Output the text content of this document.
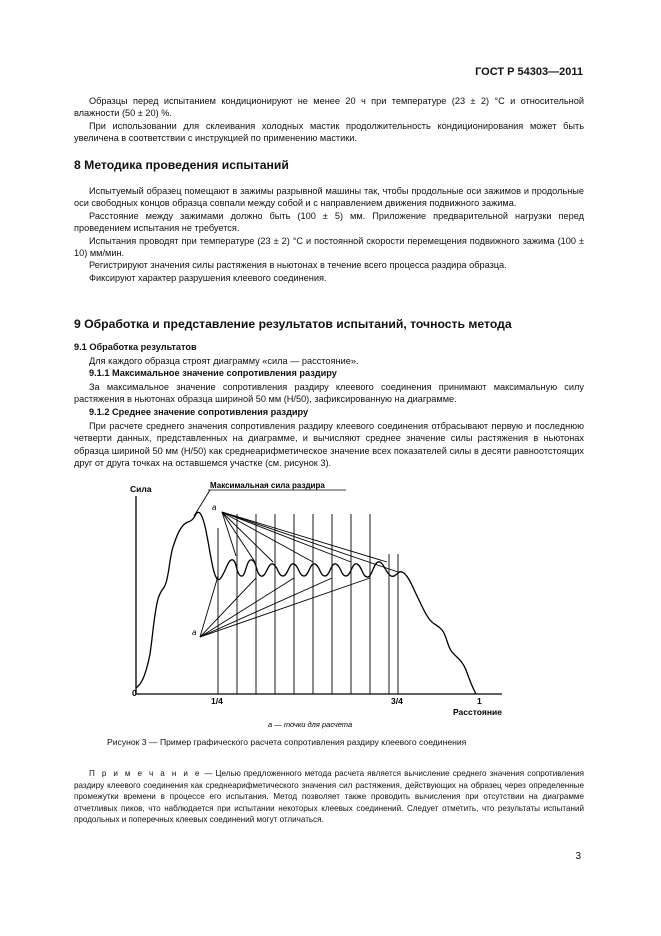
ГОСТ Р 54303—2011

Образцы перед испытанием кондиционируют не менее 20 ч при температуре (23 ± 2) °С и относительной влажности (50 ± 20) %.

При использовании для склеивания холодных мастик продолжительность кондиционирования может быть увеличена в соответствии с инструкцией по применению мастики.

8 Методика проведения испытаний

Испытуемый образец помещают в зажимы разрывной машины так, чтобы продольные оси зажимов и продольные оси свободных концов образца совпали между собой и с направлением движения подвижного зажима.

Расстояние между зажимами должно быть (100 ± 5) мм. Приложение предварительной нагрузки перед проведением испытания не требуется.

Испытания проводят при температуре (23 ± 2) °С и постоянной скорости перемещения подвижного зажима (100 ± 10) мм/мин.

Регистрируют значения силы растяжения в ньютонах в течение всего процесса раздира образца.

Фиксируют характер разрушения клеевого соединения.

9 Обработка и представление результатов испытаний, точность метода
9.1 Обработка результатов

Для каждого образца строят диаграмму «сила — расстояние».

9.1.1 Максимальное значение сопротивления раздиру

За максимальное значение сопротивления раздиру клеевого соединения принимают максимальную силу растяжения в ньютонах образца шириной 50 мм (Н/50), зафиксированную на диаграмме.

9.1.2 Среднее значение сопротивления раздиру

При расчете среднего значения сопротивления раздиру клеевого соединения отбрасывают первую и последнюю четверти данных, представленных на диаграмме, и вычисляют среднее значение силы растяжения в ньютонах образца шириной 50 мм (Н/50) как среднеарифметическое значение всех показателей силы в десяти равноотстоящих друг от друга точках на оставшемся участке (см. рисунок 3).

Сила	Максимальная сила раздира
а
а
0
1/4	3/4	1
Расстояние
а — точки для расчета
Рисунок 3 — Пример графического расчета сопротивления раздиру клеевого соединения

П р и м е ч а н и е — Целью предложенного метода расчета является вычисление среднего значения сопротивления раздиру клеевого соединения как среднеарифметического значения сил растяжения, действующих на образец через определенные промежутки времени в процессе его испытания. Метод позволяет также проводить вычисления при отсутствии на диаграмме отчетливых пиков, что наблюдается при испытании некоторых клеевых соединений. Следует отметить, что результаты испытаний продольных и поперечных клеевых соединений могут отличаться.

3
